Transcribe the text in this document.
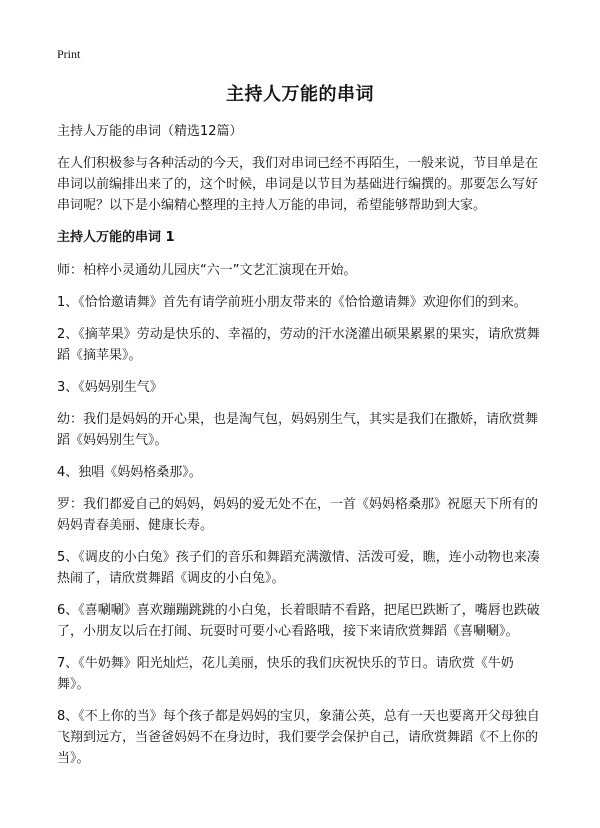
Print
主持人万能的串词

主持人万能的串词（精选12篇）

在人们积极参与各种活动的今天，我们对串词已经不再陌生，一般来说，节目单是在串词以前编排出来了的，这个时候，串词是以节目为基础进行编撰的。那要怎么写好串词呢？以下是小编精心整理的主持人万能的串词，希望能够帮助到大家。

主持人万能的串词 1

师：柏梓小灵通幼儿园庆“六一”文艺汇演现在开始。

1、《恰恰邀请舞》首先有请学前班小朋友带来的《恰恰邀请舞》欢迎你们的到来。

2、《摘苹果》劳动是快乐的、幸福的，劳动的汗水浇灌出硕果累累的果实，请欣赏舞蹈《摘苹果》。

3、《妈妈别生气》

幼：我们是妈妈的开心果，也是淘气包，妈妈别生气，其实是我们在撒娇，请欣赏舞蹈《妈妈别生气》。

4、独唱《妈妈格桑那》。

罗：我们都爱自己的妈妈，妈妈的爱无处不在，一首《妈妈格桑那》祝愿天下所有的妈妈青春美丽、健康长寿。

5、《调皮的小白兔》孩子们的音乐和舞蹈充满激情、活泼可爱，瞧，连小动物也来凑热闹了，请欣赏舞蹈《调皮的小白兔》。

6、《喜唰唰》喜欢蹦蹦跳跳的小白兔，长着眼睛不看路，把尾巴跌断了，嘴唇也跌破了，小朋友以后在打闹、玩耍时可要小心看路哦，接下来请欣赏舞蹈《喜唰唰》。

7、《牛奶舞》阳光灿烂，花儿美丽，快乐的我们庆祝快乐的节日。请欣赏《牛奶舞》。

8、《不上你的当》每个孩子都是妈妈的宝贝，象蒲公英，总有一天也要离开父母独自飞翔到远方，当爸爸妈妈不在身边时，我们要学会保护自己，请欣赏舞蹈《不上你的当》。
